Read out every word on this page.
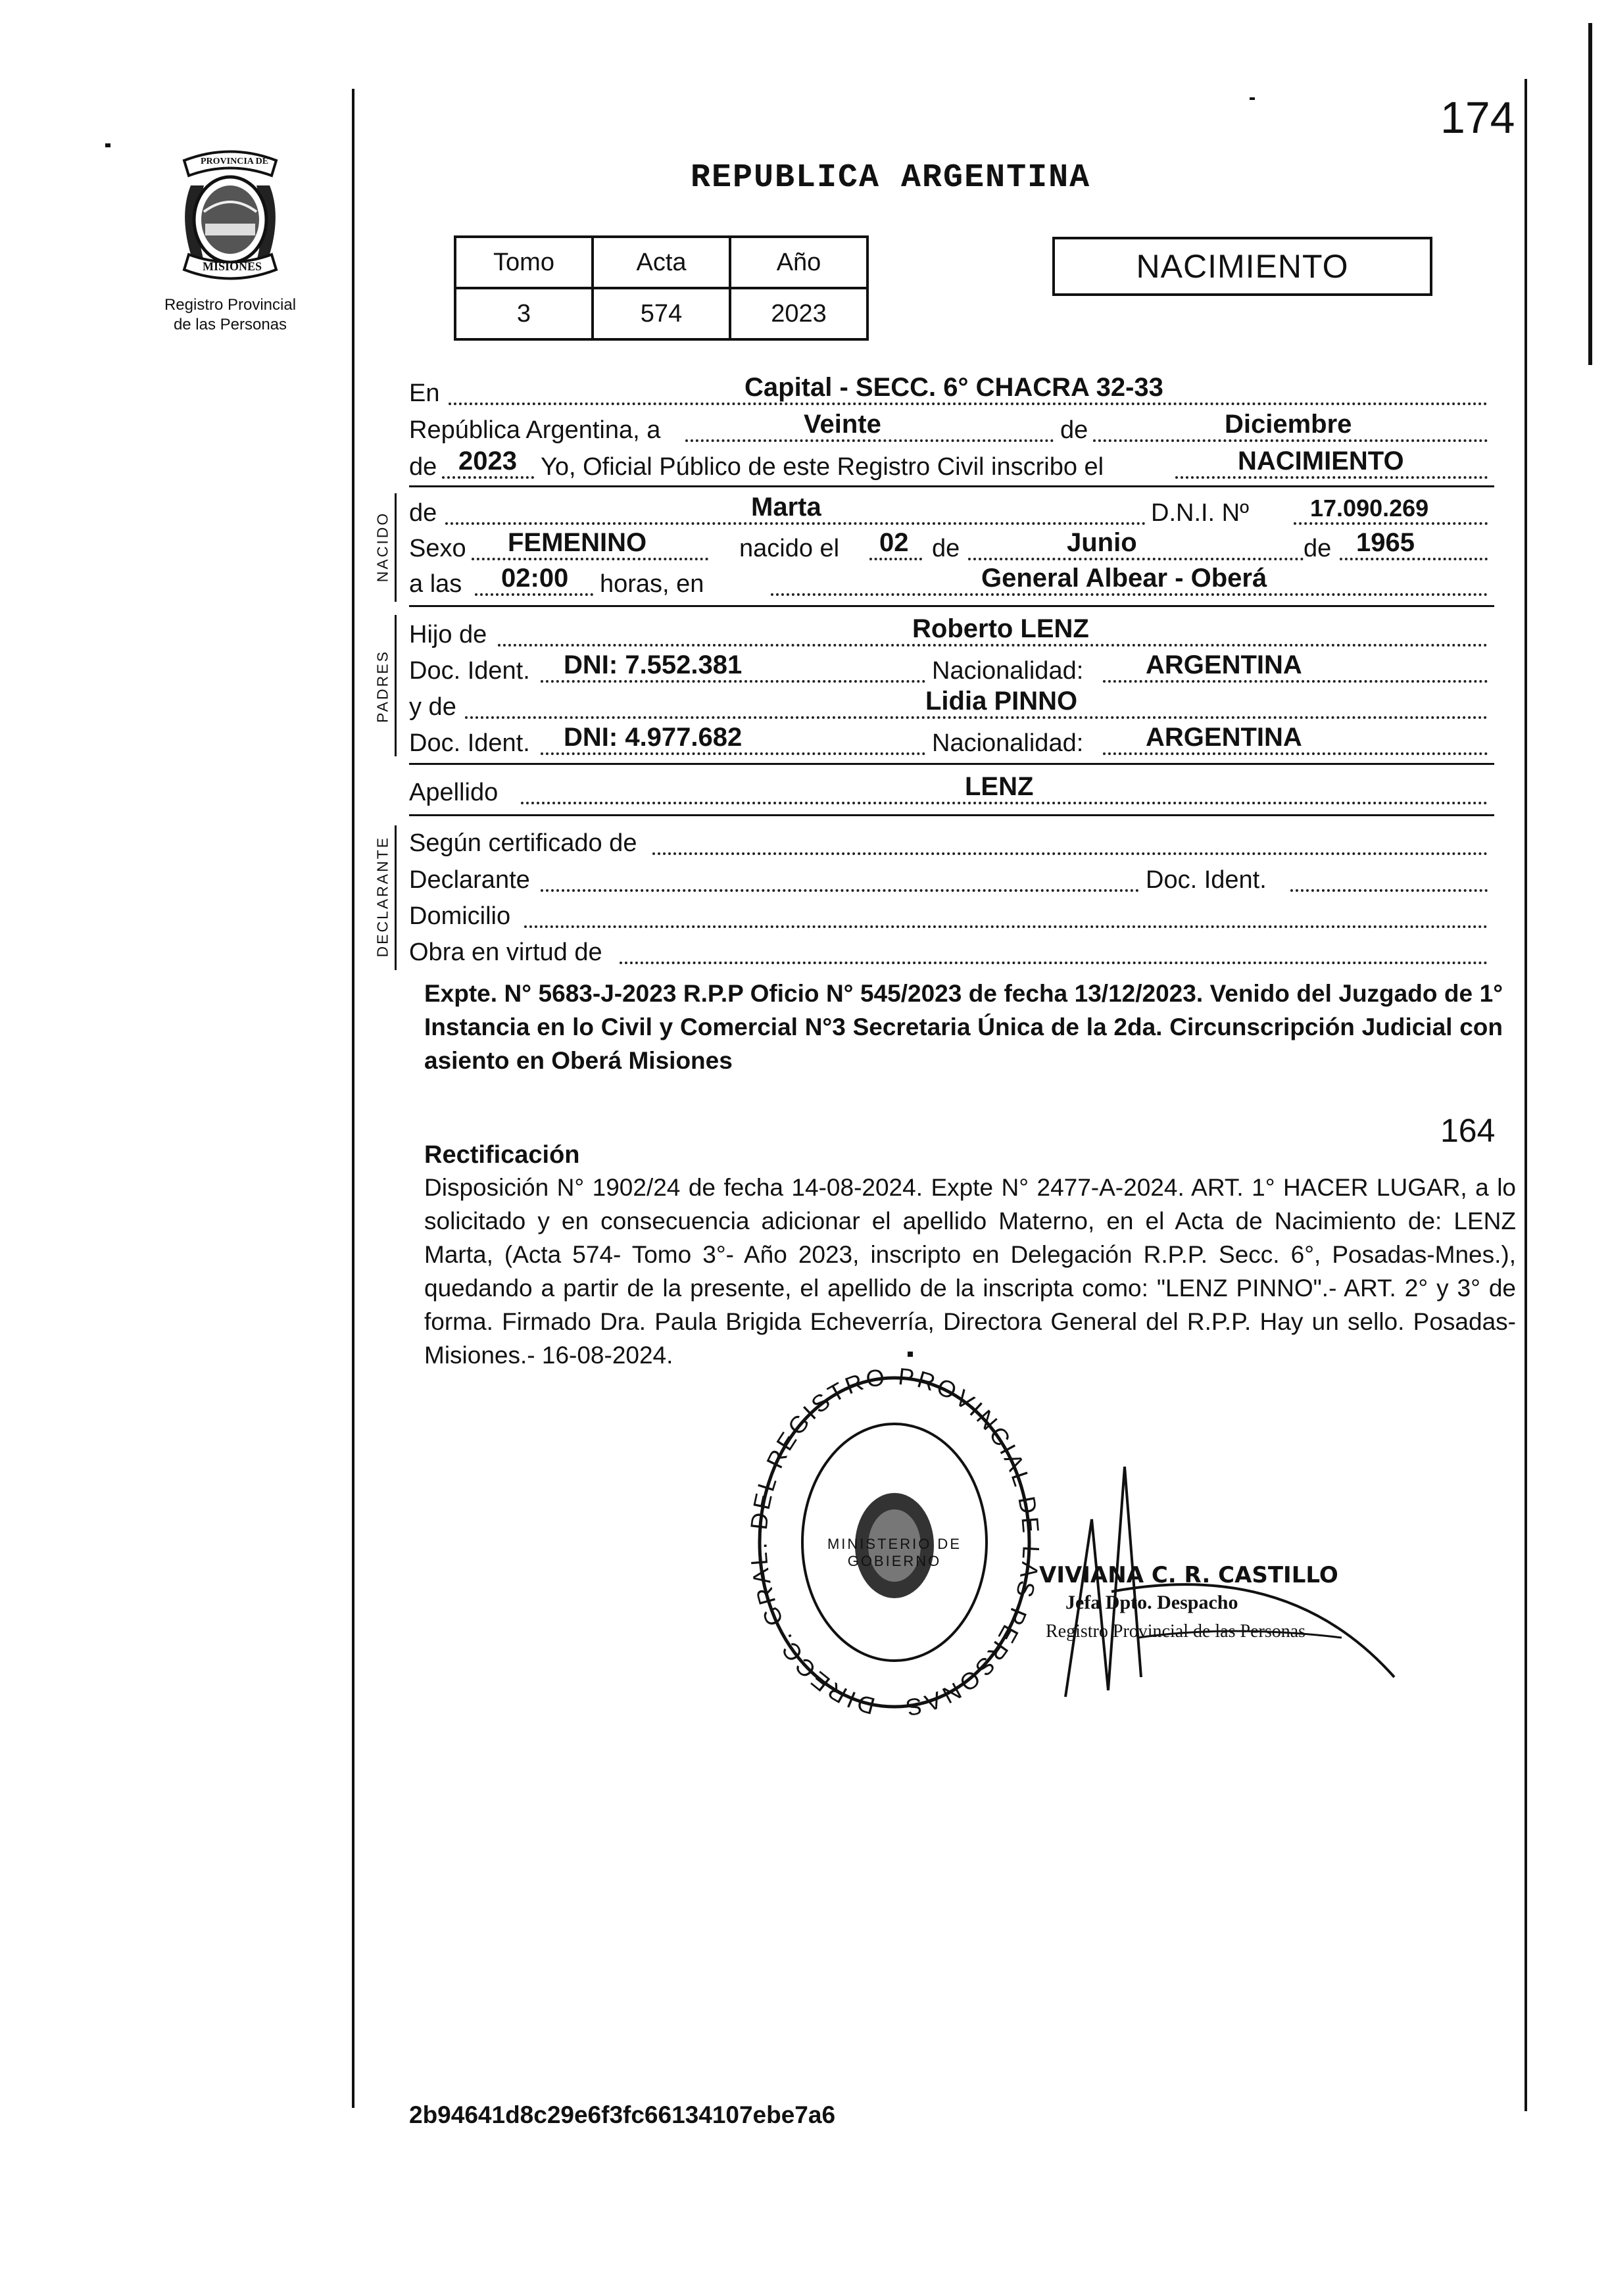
174
PROVINCIA DE
MISIONES
Registro Provincial
de las Personas
REPUBLICA ARGENTINA
Tomo	Acta	Año
3	574	2023
NACIMIENTO
En	Capital - SECC. 6° CHACRA 32-33
República Argentina, a	Veinte	de	Diciembre
de 2023 Yo, Oficial Público de este Registro Civil inscribo el	NACIMIENTO
NACIDO de	Marta	D.N.I. Nº	17.090.269
Sexo FEMENINO	nacido el 02 de	Junio	de 1965
a las 02:00 horas, en	General Albear - Oberá
PADRES
Hijo de	Roberto LENZ
Doc. Ident. DNI: 7.552.381	Nacionalidad: ARGENTINA
y de	Lidia PINNO
Doc. Ident. DNI: 4.977.682	Nacionalidad: ARGENTINA
Apellido	LENZ
DECLARANTE Según certificado de
Declarante	Doc. Ident.
Domicilio
Obra en virtud de
Expte. N° 5683-J-2023 R.P.P Oficio N° 545/2023 de fecha 13/12/2023. Venido del Juzgado de 1° Instancia en lo Civil y Comercial N°3 Secretaria Única de la 2da. Circunscripción Judicial con asiento en Oberá Misiones
164
Rectificación
Disposición N° 1902/24 de fecha 14-08-2024. Expte N° 2477-A-2024. ART. 1° HACER LUGAR, a lo solicitado y en consecuencia adicionar el apellido Materno, en el Acta de Nacimiento de: LENZ Marta, (Acta 574- Tomo 3°- Año 2023, inscripto en Delegación R.P.P. Secc. 6°, Posadas-Mnes.), quedando a partir de la presente, el apellido de la inscripta como: "LENZ PINNO".- ART. 2° y 3° de forma. Firmado Dra. Paula Brigida Echeverría, Directora General del R.P.P. Hay un sello. Posadas- Misiones.- 16-08-2024.
DIRECC. GR EL REGISTRO PROVINCIAL S PERSONAS
MINISTERIO DE GOBIERNO
VIVIANA C. R. CASTILLO
Jefa Dpto. Despacho
Registro Provincial de las Personas
2b94641d8c29e6f3fc66134107ebe7a6
